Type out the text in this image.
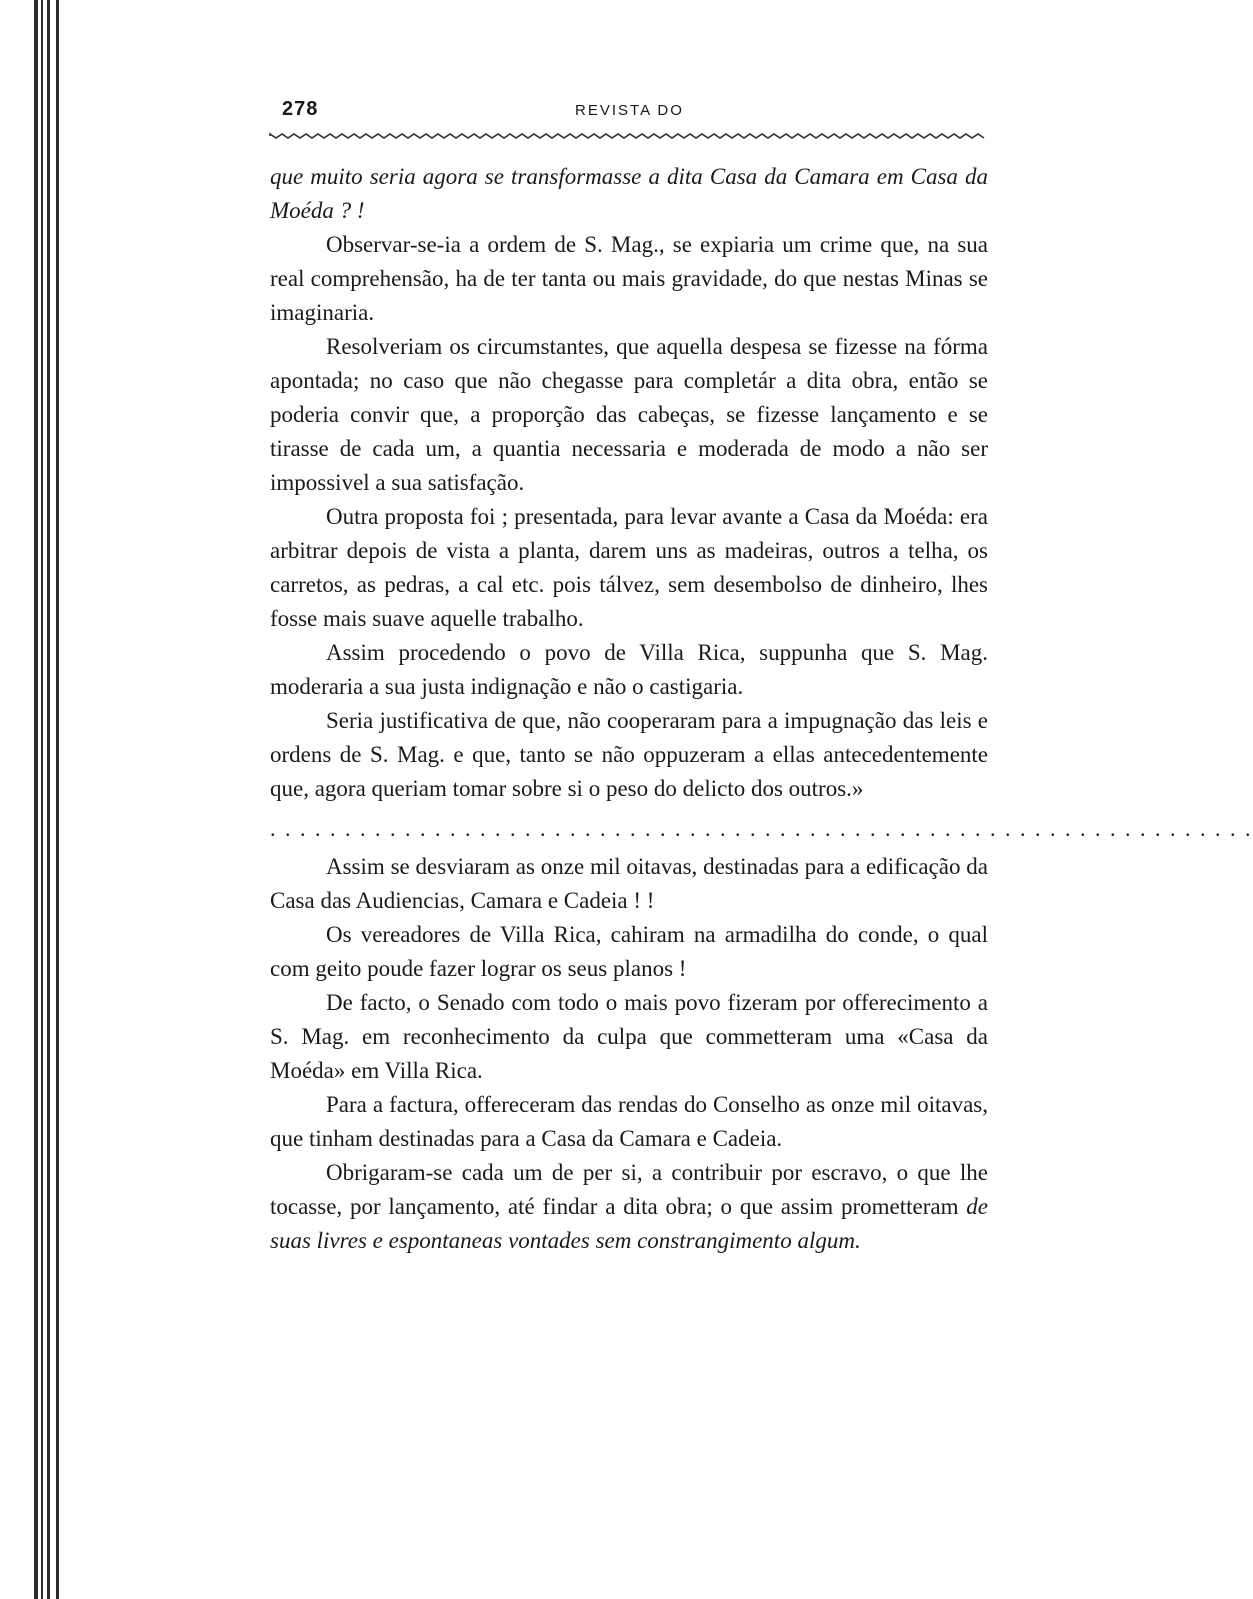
278	REVISTA DO

que muito seria agora se transformasse a dita Casa da Camara em Casa da Moéda ? !

Observar-se-ia a ordem de S. Mag., se expiaria um crime que, na sua real comprehensão, ha de ter tanta ou mais gravidade, do que nestas Minas se imaginaria.

Resolveriam os circumstantes, que aquella despesa se fizesse na fórma apontada; no caso que não chegasse para completár a dita obra, então se poderia convir que, a proporção das cabeças, se fizesse lançamento e se tirasse de cada um, a quantia necessaria e moderada de modo a não ser impossivel a sua satisfação.

Outra proposta foi ; presentada, para levar avante a Casa da Moéda: era arbitrar depois de vista a planta, darem uns as madeiras, outros a telha, os carretos, as pedras, a cal etc. pois tálvez, sem desembolso de dinheiro, lhes fosse mais suave aquelle trabalho.

Assim procedendo o povo de Villa Rica, suppunha que S. Mag. moderaria a sua justa indignação e não o castigaria.

Seria justificativa de que, não cooperaram para a impugnação das leis e ordens de S. Mag. e que, tanto se não oppuzeram a ellas antecedentemente que, agora queriam tomar sobre si o peso do delicto dos outros.»

. . . . . . . . . . . . . . . . . . . . . . . . . . . . . . . . . . . . . . . . . . . . . . . . . . . . . . . . . . . . . . . . . .

Assim se desviaram as onze mil oitavas, destinadas para a edificação da Casa das Audiencias, Camara e Cadeia ! !

Os vereadores de Villa Rica, cahiram na armadilha do conde, o qual com geito poude fazer lograr os seus planos !

De facto, o Senado com todo o mais povo fizeram por offerecimento a S. Mag. em reconhecimento da culpa que commetteram uma «Casa da Moéda» em Villa Rica.

Para a factura, offereceram das rendas do Conselho as onze mil oitavas, que tinham destinadas para a Casa da Camara e Cadeia.

Obrigaram-se cada um de per si, a contribuir por escravo, o que lhe tocasse, por lançamento, até findar a dita obra; o que assim prometteram de suas livres e espontaneas vontades sem constrangimento algum.
